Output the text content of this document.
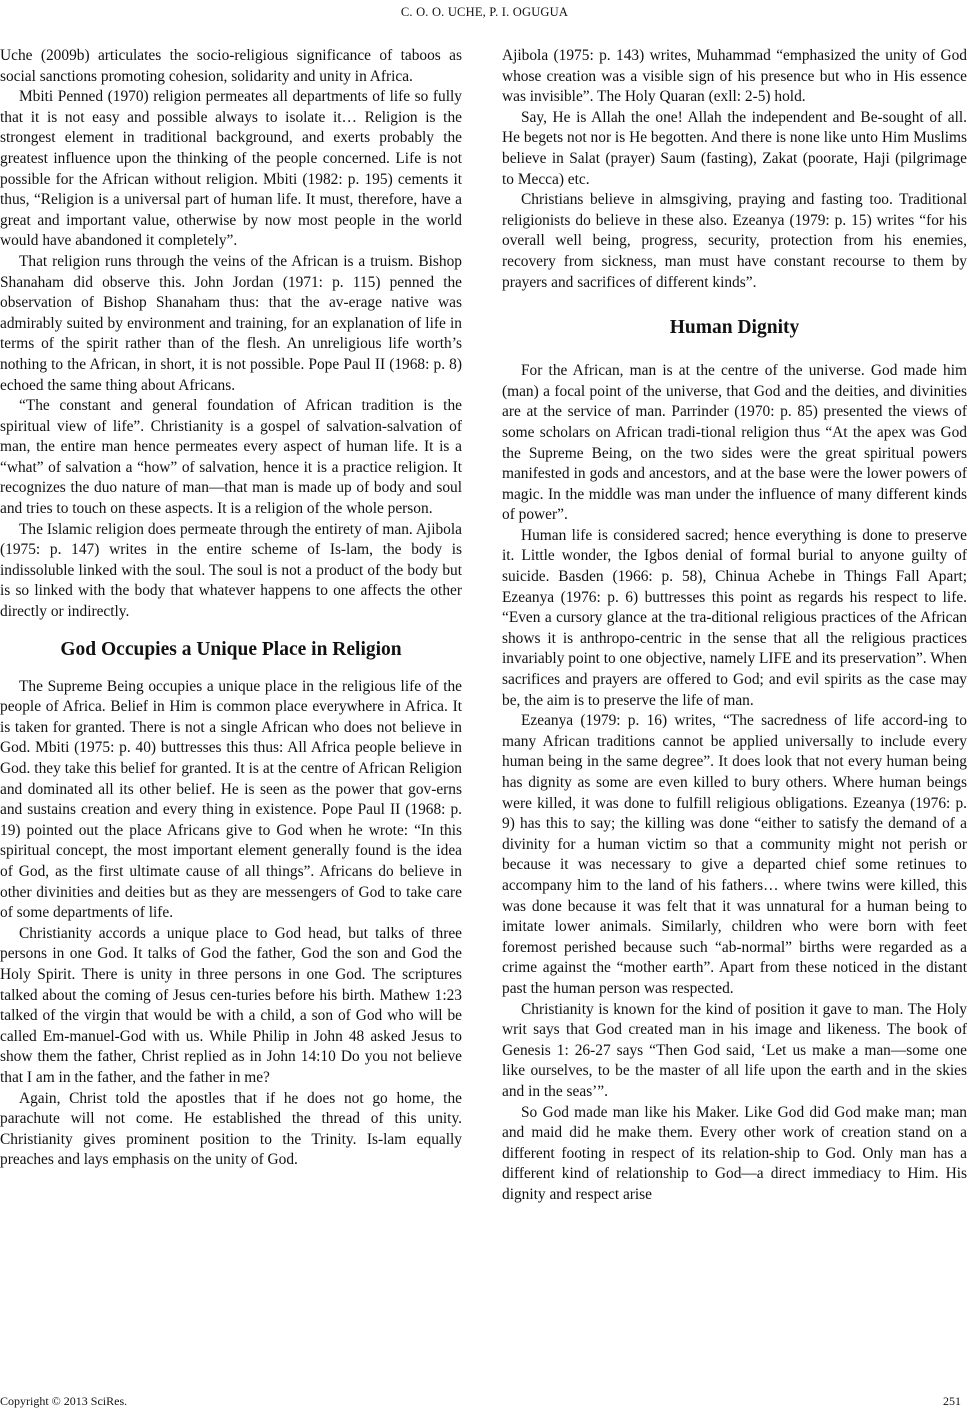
C. O. O. UCHE, P. I. OGUGUA

Uche (2009b) articulates the socio-religious significance of taboos as social sanctions promoting cohesion, solidarity and unity in Africa.

Mbiti Penned (1970) religion permeates all departments of life so fully that it is not easy and possible always to isolate it… Religion is the strongest element in traditional background, and exerts probably the greatest influence upon the thinking of the people concerned. Life is not possible for the African without religion. Mbiti (1982: p. 195) cements it thus, “Religion is a universal part of human life. It must, therefore, have a great and important value, otherwise by now most people in the world would have abandoned it completely”.

That religion runs through the veins of the African is a truism. Bishop Shanaham did observe this. John Jordan (1971: p. 115) penned the observation of Bishop Shanaham thus: that the av-erage native was admirably suited by environment and training, for an explanation of life in terms of the spirit rather than of the flesh. An unreligious life worth’s nothing to the African, in short, it is not possible. Pope Paul II (1968: p. 8) echoed the same thing about Africans.

“The constant and general foundation of African tradition is the spiritual view of life”. Christianity is a gospel of salvation-salvation of man, the entire man hence permeates every aspect of human life. It is a “what” of salvation a “how” of salvation, hence it is a practice religion. It recognizes the duo nature of man—that man is made up of body and soul and tries to touch on these aspects. It is a religion of the whole person.

The Islamic religion does permeate through the entirety of man. Ajibola (1975: p. 147) writes in the entire scheme of Is-lam, the body is indissoluble linked with the soul. The soul is not a product of the body but is so linked with the body that whatever happens to one affects the other directly or indirectly.

God Occupies a Unique Place in Religion

The Supreme Being occupies a unique place in the religious life of the people of Africa. Belief in Him is common place everywhere in Africa. It is taken for granted. There is not a single African who does not believe in God. Mbiti (1975: p. 40) buttresses this thus: All Africa people believe in God. they take this belief for granted. It is at the centre of African Religion and dominated all its other belief. He is seen as the power that gov-erns and sustains creation and every thing in existence. Pope Paul II (1968: p. 19) pointed out the place Africans give to God when he wrote: “In this spiritual concept, the most important element generally found is the idea of God, as the first ultimate cause of all things”. Africans do believe in other divinities and deities but as they are messengers of God to take care of some departments of life.

Christianity accords a unique place to God head, but talks of three persons in one God. It talks of God the father, God the son and God the Holy Spirit. There is unity in three persons in one God. The scriptures talked about the coming of Jesus cen-turies before his birth. Mathew 1:23 talked of the virgin that would be with a child, a son of God who will be called Em-manuel-God with us. While Philip in John 48 asked Jesus to show them the father, Christ replied as in John 14:10 Do you not believe that I am in the father, and the father in me?

Again, Christ told the apostles that if he does not go home, the parachute will not come. He established the thread of this unity. Christianity gives prominent position to the Trinity. Is-lam equally preaches and lays emphasis on the unity of God.

Ajibola (1975: p. 143) writes, Muhammad “emphasized the unity of God whose creation was a visible sign of his presence but who in His essence was invisible”. The Holy Quaran (exll: 2-5) hold.

Say, He is Allah the one! Allah the independent and Be-sought of all. He begets not nor is He begotten. And there is none like unto Him Muslims believe in Salat (prayer) Saum (fasting), Zakat (poorate, Haji (pilgrimage to Mecca) etc.

Christians believe in almsgiving, praying and fasting too. Traditional religionists do believe in these also. Ezeanya (1979: p. 15) writes “for his overall well being, progress, security, protection from his enemies, recovery from sickness, man must have constant recourse to them by prayers and sacrifices of different kinds”.

Human Dignity

For the African, man is at the centre of the universe. God made him (man) a focal point of the universe, that God and the deities, and divinities are at the service of man. Parrinder (1970: p. 85) presented the views of some scholars on African tradi-tional religion thus “At the apex was God the Supreme Being, on the two sides were the great spiritual powers manifested in gods and ancestors, and at the base were the lower powers of magic. In the middle was man under the influence of many different kinds of power”.

Human life is considered sacred; hence everything is done to preserve it. Little wonder, the Igbos denial of formal burial to anyone guilty of suicide. Basden (1966: p. 58), Chinua Achebe in Things Fall Apart; Ezeanya (1976: p. 6) buttresses this point as regards his respect to life. “Even a cursory glance at the tra-ditional religious practices of the African shows it is anthropo-centric in the sense that all the religious practices invariably point to one objective, namely LIFE and its preservation”. When sacrifices and prayers are offered to God; and evil spirits as the case may be, the aim is to preserve the life of man.

Ezeanya (1979: p. 16) writes, “The sacredness of life accord-ing to many African traditions cannot be applied universally to include every human being in the same degree”. It does look that not every human being has dignity as some are even killed to bury others. Where human beings were killed, it was done to fulfill religious obligations. Ezeanya (1976: p. 9) has this to say; the killing was done “either to satisfy the demand of a divinity for a human victim so that a community might not perish or because it was necessary to give a departed chief some retinues to accompany him to the land of his fathers… where twins were killed, this was done because it was felt that it was unnatural for a human being to imitate lower animals. Similarly, children who were born with feet foremost perished because such “ab-normal” births were regarded as a crime against the “mother earth”. Apart from these noticed in the distant past the human person was respected.

Christianity is known for the kind of position it gave to man. The Holy writ says that God created man in his image and likeness. The book of Genesis 1: 26-27 says “Then God said, ‘Let us make a man—some one like ourselves, to be the master of all life upon the earth and in the skies and in the seas’”.

So God made man like his Maker. Like God did God make man; man and maid did he make them. Every other work of creation stand on a different footing in respect of its relation-ship to God. Only man has a different kind of relationship to God—a direct immediacy to Him. His dignity and respect arise

Copyright © 2013 SciRes.	251
